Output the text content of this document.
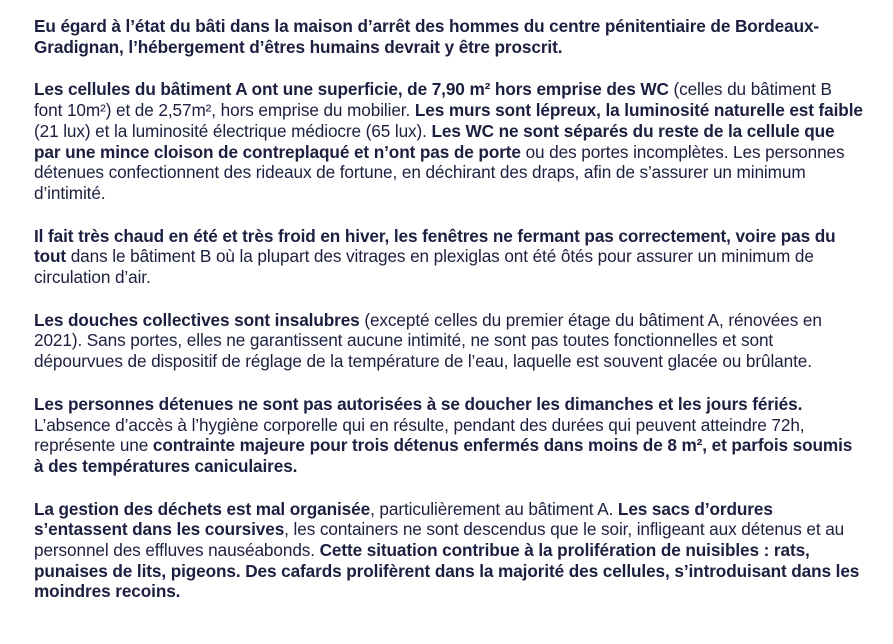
Eu égard à l’état du bâti dans la maison d’arrêt des hommes du centre pénitentiaire de Bordeaux-Gradignan, l’hébergement d’êtres humains devrait y être proscrit.

Les cellules du bâtiment A ont une superficie, de 7,90 m² hors emprise des WC (celles du bâtiment B font 10m²) et de 2,57m², hors emprise du mobilier. Les murs sont lépreux, la luminosité naturelle est faible (21 lux) et la luminosité électrique médiocre (65 lux). Les WC ne sont séparés du reste de la cellule que par une mince cloison de contreplaqué et n’ont pas de porte ou des portes incomplètes. Les personnes détenues confectionnent des rideaux de fortune, en déchirant des draps, afin de s’assurer un minimum d’intimité.

Il fait très chaud en été et très froid en hiver, les fenêtres ne fermant pas correctement, voire pas du tout dans le bâtiment B où la plupart des vitrages en plexiglas ont été ôtés pour assurer un minimum de circulation d’air.

Les douches collectives sont insalubres (excepté celles du premier étage du bâtiment A, rénovées en 2021). Sans portes, elles ne garantissent aucune intimité, ne sont pas toutes fonctionnelles et sont dépourvues de dispositif de réglage de la température de l’eau, laquelle est souvent glacée ou brûlante.

Les personnes détenues ne sont pas autorisées à se doucher les dimanches et les jours fériés. L’absence d’accès à l’hygiène corporelle qui en résulte, pendant des durées qui peuvent atteindre 72h, représente une contrainte majeure pour trois détenus enfermés dans moins de 8 m², et parfois soumis à des températures caniculaires.

La gestion des déchets est mal organisée, particulièrement au bâtiment A. Les sacs d’ordures s’entassent dans les coursives, les containers ne sont descendus que le soir, infligeant aux détenus et au personnel des effluves nauséabonds. Cette situation contribue à la prolifération de nuisibles : rats, punaises de lits, pigeons. Des cafards prolifèrent dans la majorité des cellules, s’introduisant dans les moindres recoins.
